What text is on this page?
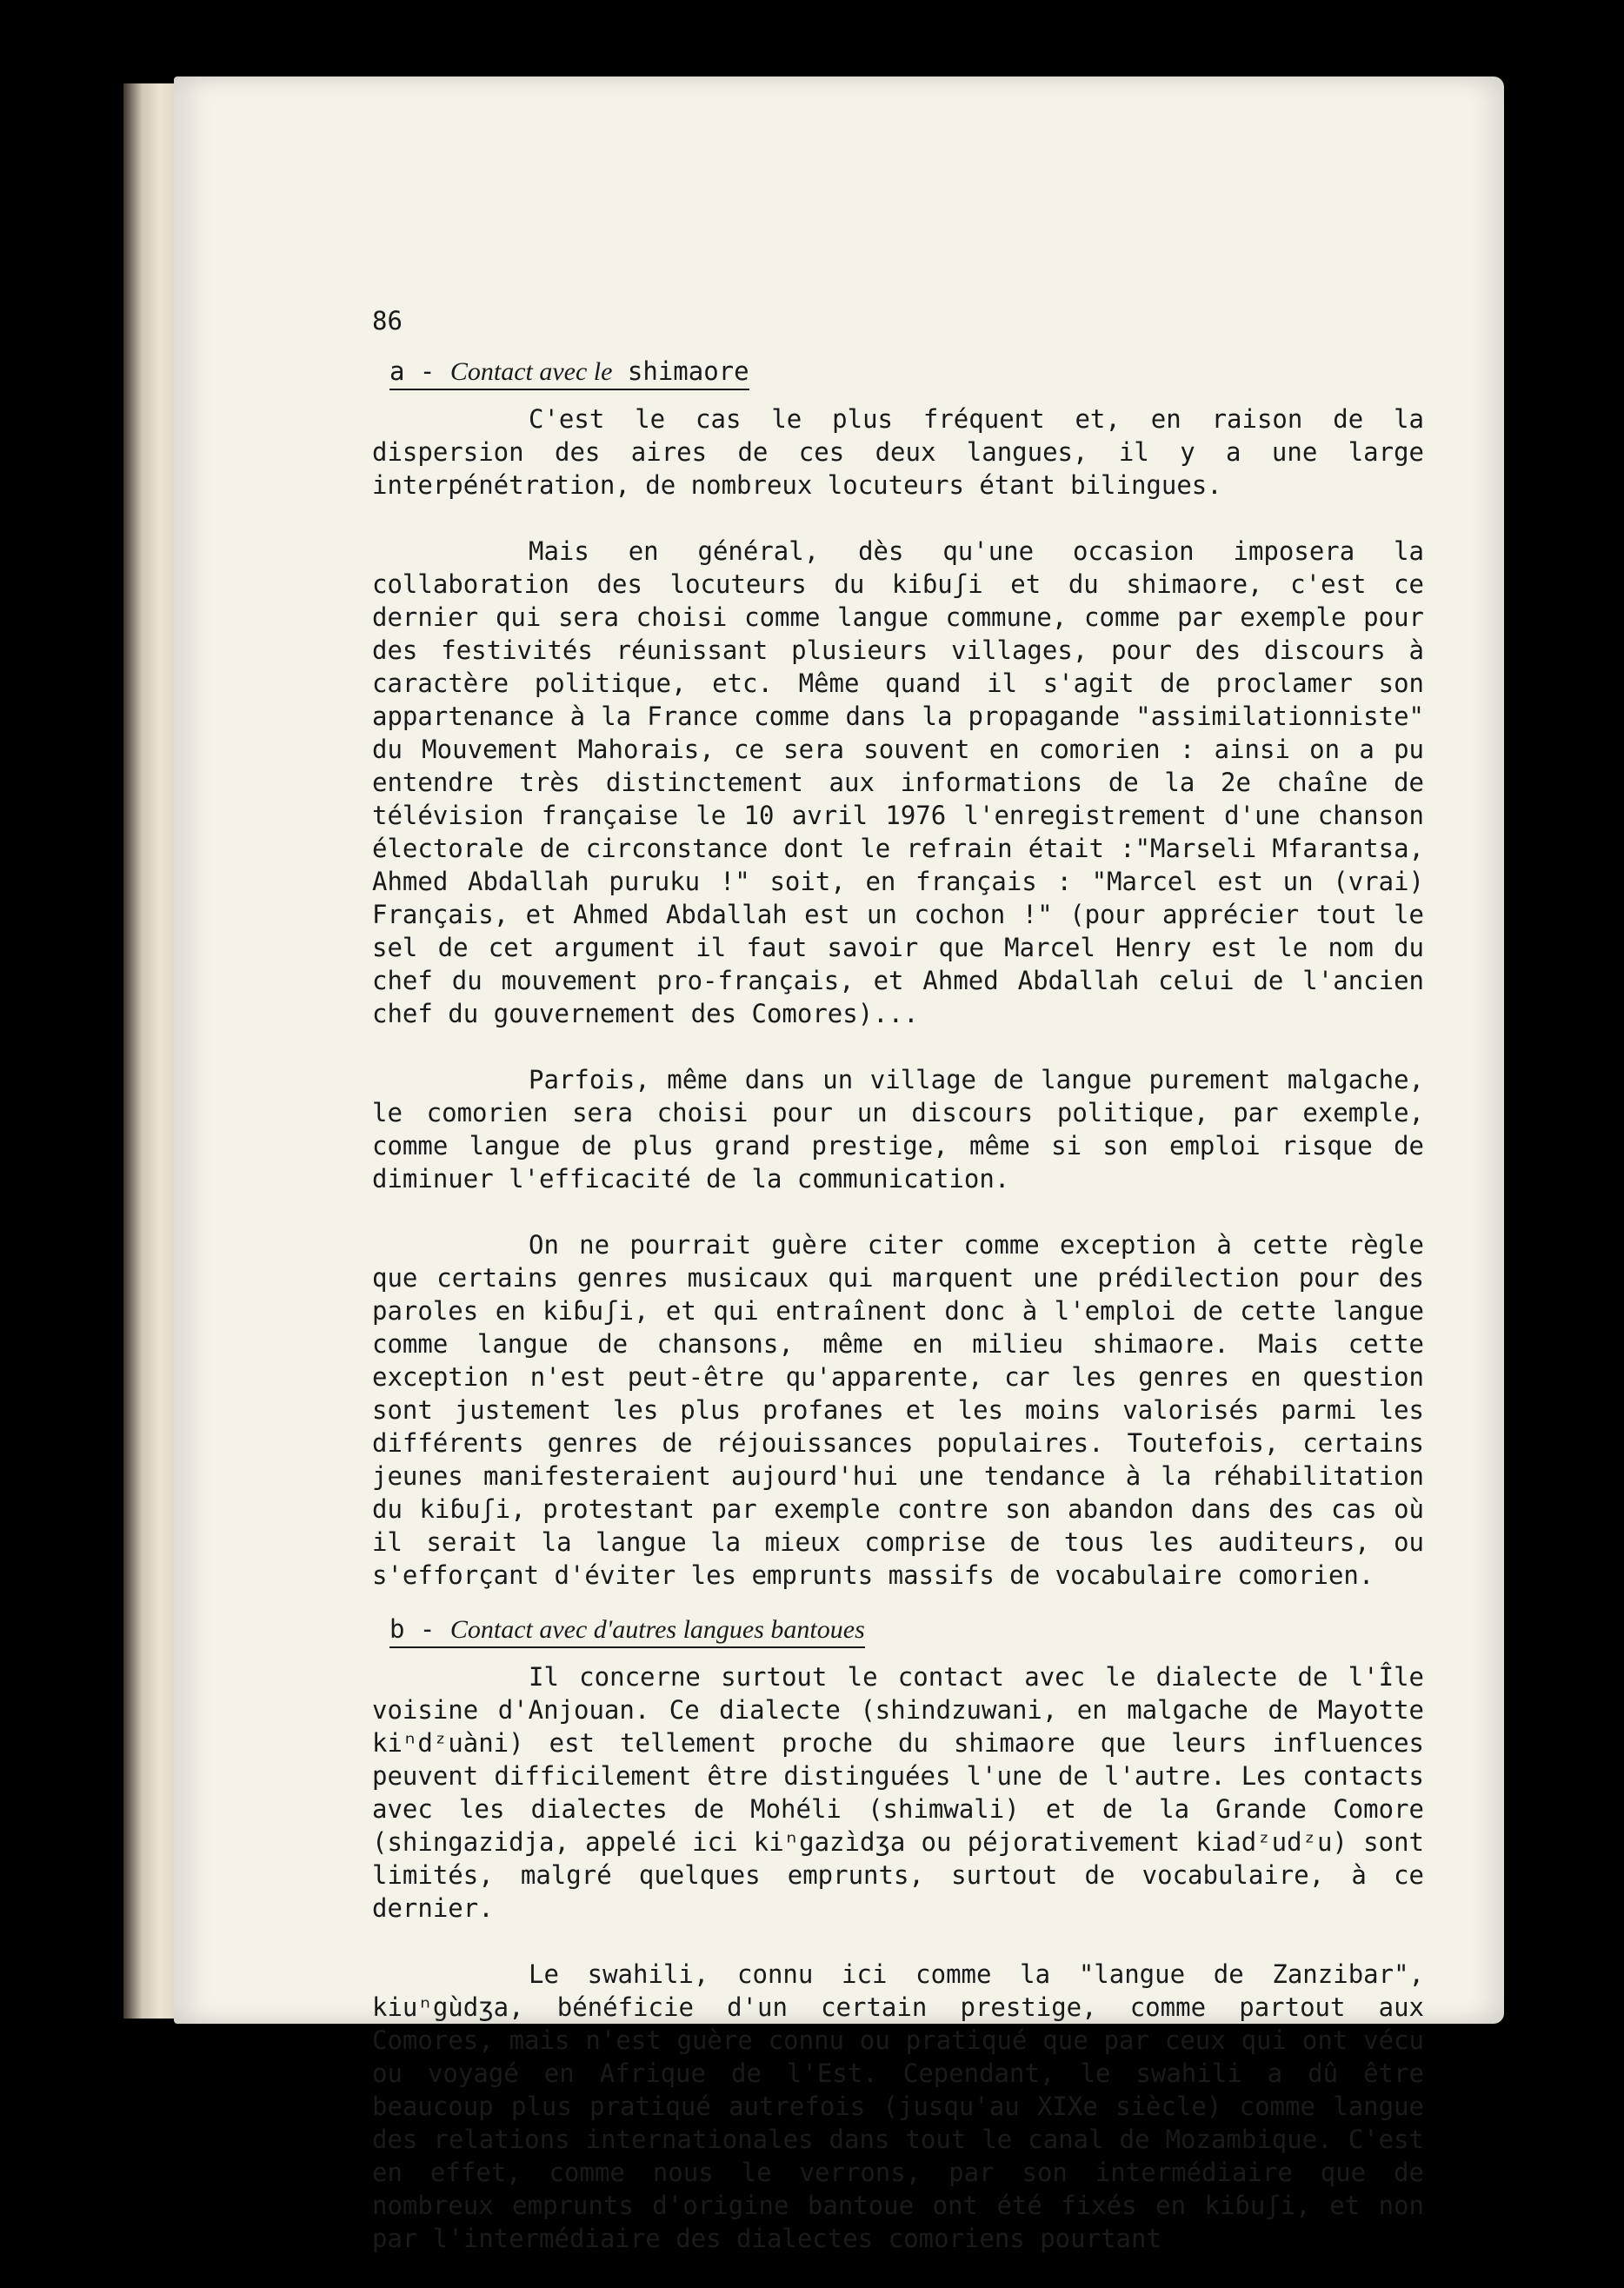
86
a - Contact avec le shimaore

C'est le cas le plus fréquent et, en raison de la dispersion des aires de ces deux langues, il y a une large interpénétration, de nombreux locuteurs étant bilingues.

Mais en général, dès qu'une occasion imposera la collaboration des locuteurs du kiɓuʃi et du shimaore, c'est ce dernier qui sera choisi comme langue commune, comme par exemple pour des festivités réunissant plusieurs villages, pour des discours à caractère politique, etc. Même quand il s'agit de proclamer son appartenance à la France comme dans la propagande "assimilationniste" du Mouvement Mahorais, ce sera souvent en comorien : ainsi on a pu entendre très distinctement aux informations de la 2e chaîne de télévision française le 10 avril 1976 l'enregistrement d'une chanson électorale de circonstance dont le refrain était :"Marseli Mfarantsa, Ahmed Abdallah puruku !" soit, en français : "Marcel est un (vrai) Français, et Ahmed Abdallah est un cochon !" (pour apprécier tout le sel de cet argument il faut savoir que Marcel Henry est le nom du chef du mouvement pro-français, et Ahmed Abdallah celui de l'ancien chef du gouvernement des Comores)...

Parfois, même dans un village de langue purement malgache, le comorien sera choisi pour un discours politique, par exemple, comme langue de plus grand prestige, même si son emploi risque de diminuer l'efficacité de la communication.

On ne pourrait guère citer comme exception à cette règle que certains genres musicaux qui marquent une prédilection pour des paroles en kiɓuʃi, et qui entraînent donc à l'emploi de cette langue comme langue de chansons, même en milieu shimaore. Mais cette exception n'est peut-être qu'apparente, car les genres en question sont justement les plus profanes et les moins valorisés parmi les différents genres de réjouissances populaires. Toutefois, certains jeunes manifesteraient aujourd'hui une tendance à la réhabilitation du kiɓuʃi, protestant par exemple contre son abandon dans des cas où il serait la langue la mieux comprise de tous les auditeurs, ou s'efforçant d'éviter les emprunts massifs de vocabulaire comorien.

b - Contact avec d'autres langues bantoues

Il concerne surtout le contact avec le dialecte de l'Île voisine d'Anjouan. Ce dialecte (shindzuwani, en malgache de Mayotte kiⁿdᶻuàni) est tellement proche du shimaore que leurs influences peuvent difficilement être distinguées l'une de l'autre. Les contacts avec les dialectes de Mohéli (shimwali) et de la Grande Comore (shingazidja, appelé ici kiⁿgazìdʒa ou péjorativement kiadᶻudᶻu) sont limités, malgré quelques emprunts, surtout de vocabulaire, à ce dernier.

Le swahili, connu ici comme la "langue de Zanzibar", kiuⁿgùdʒa, bénéficie d'un certain prestige, comme partout aux Comores, mais n'est guère connu ou pratiqué que par ceux qui ont vécu ou voyagé en Afrique de l'Est. Cependant, le swahili a dû être beaucoup plus pratiqué autrefois (jusqu'au XIXe siècle) comme langue des relations internationales dans tout le canal de Mozambique. C'est en effet, comme nous le verrons, par son intermédiaire que de nombreux emprunts d'origine bantoue ont été fixés en kiɓuʃi, et non par l'intermédiaire des dialectes comoriens pourtant
